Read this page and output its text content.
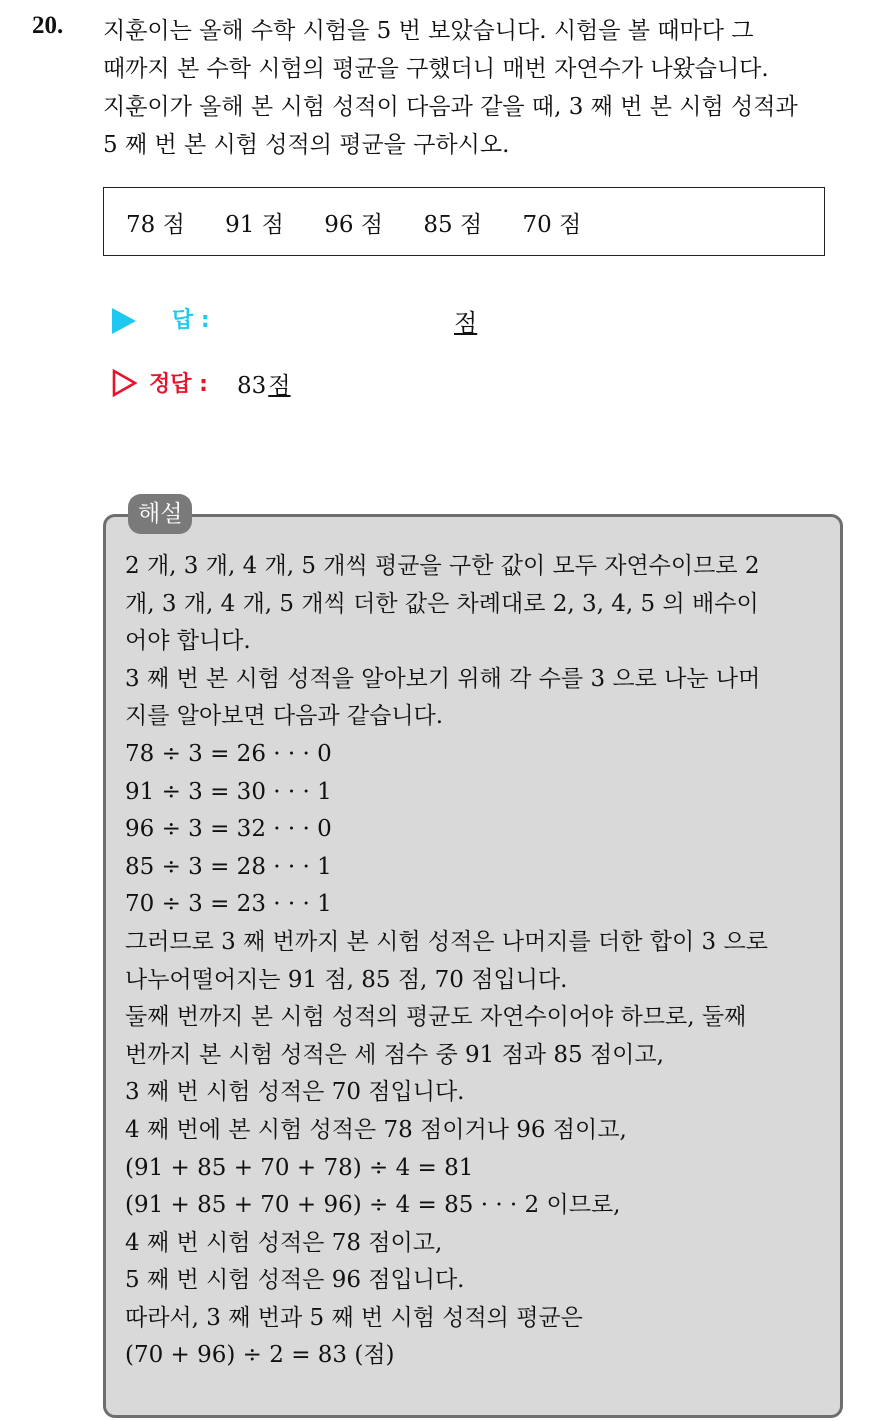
20. 지훈이는 올해 수학 시험을 5 번 보았습니다. 시험을 볼 때마다 그
때까지 본 수학 시험의 평균을 구했더니 매번 자연수가 나왔습니다.
지훈이가 올해 본 시험 성적이 다음과 같을 때, 3 째 번 본 시험 성적과
5 째 번 본 시험 성적의 평균을 구하시오.
78 점 91 점 96 점 85 점 70 점
답 :	점
정답 : 83점
해설
2 개, 3 개, 4 개, 5 개씩 평균을 구한 값이 모두 자연수이므로 2
개, 3 개, 4 개, 5 개씩 더한 값은 차례대로 2, 3, 4, 5 의 배수이
어야 합니다.
3 째 번 본 시험 성적을 알아보기 위해 각 수를 3 으로 나눈 나머
지를 알아보면 다음과 같습니다.
78 ÷ 3 = 26 · · · 0
91 ÷ 3 = 30 · · · 1
96 ÷ 3 = 32 · · · 0
85 ÷ 3 = 28 · · · 1
70 ÷ 3 = 23 · · · 1
그러므로 3 째 번까지 본 시험 성적은 나머지를 더한 합이 3 으로
나누어떨어지는 91 점, 85 점, 70 점입니다.
둘째 번까지 본 시험 성적의 평균도 자연수이어야 하므로, 둘째
번까지 본 시험 성적은 세 점수 중 91 점과 85 점이고,
3 째 번 시험 성적은 70 점입니다.
4 째 번에 본 시험 성적은 78 점이거나 96 점이고,
(91 + 85 + 70 + 78) ÷ 4 = 81
(91 + 85 + 70 + 96) ÷ 4 = 85 · · · 2 이므로,
4 째 번 시험 성적은 78 점이고,
5 째 번 시험 성적은 96 점입니다.
따라서, 3 째 번과 5 째 번 시험 성적의 평균은
(70 + 96) ÷ 2 = 83 (점)
